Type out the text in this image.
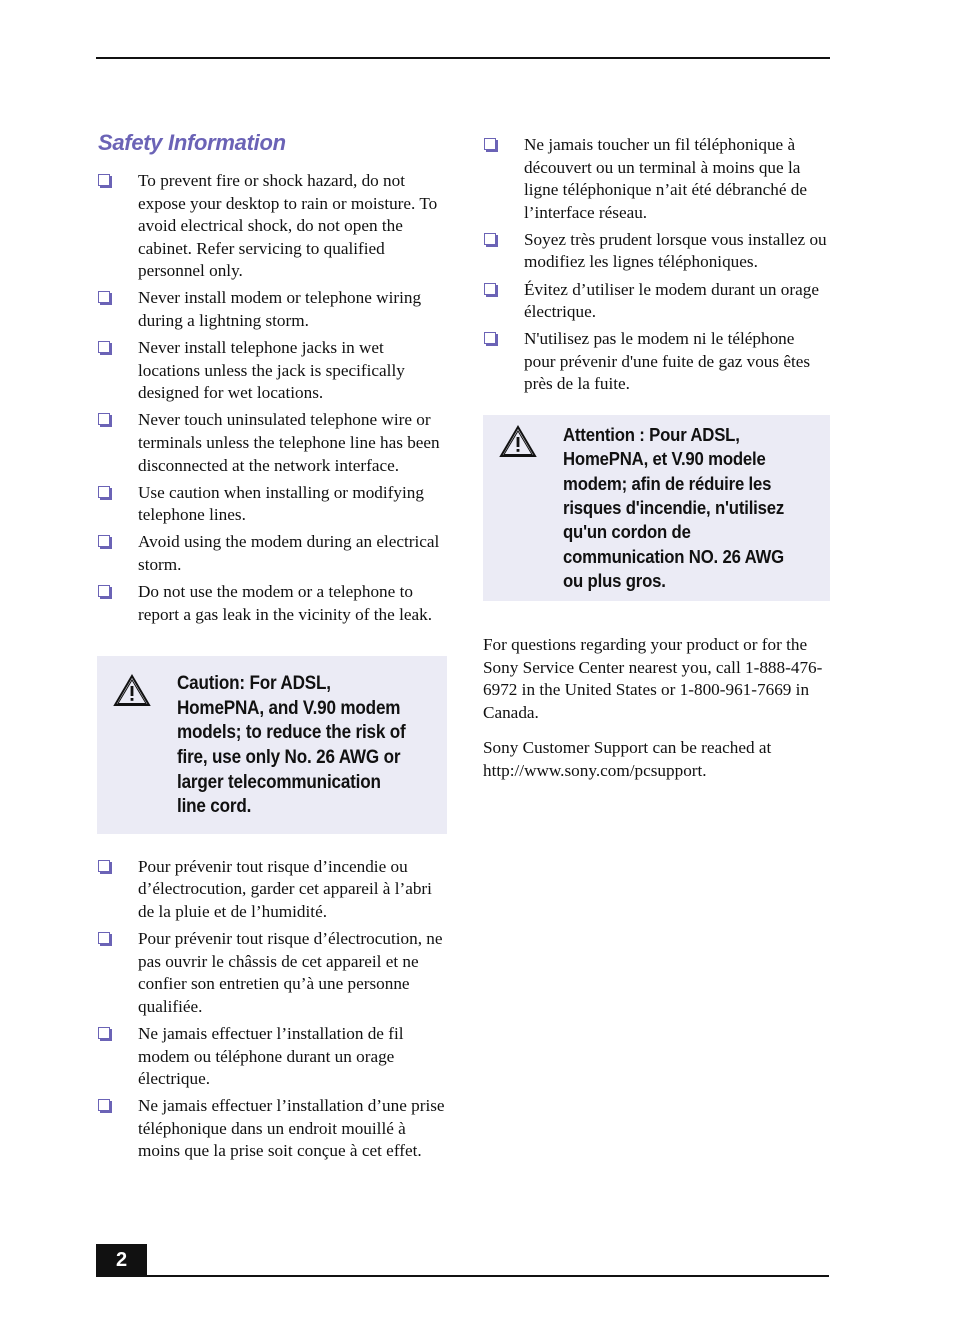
Safety Information
To prevent fire or shock hazard, do not expose your desktop to rain or moisture. To avoid electrical shock, do not open the cabinet. Refer servicing to qualified personnel only.
Never install modem or telephone wiring during a lightning storm.
Never install telephone jacks in wet locations unless the jack is specifically designed for wet locations.
Never touch uninsulated telephone wire or terminals unless the telephone line has been disconnected at the network interface.
Use caution when installing or modifying telephone lines.
Avoid using the modem during an electrical storm.
Do not use the modem or a telephone to report a gas leak in the vicinity of the leak.
Caution: For ADSL, HomePNA, and V.90 modem models; to reduce the risk of fire, use only No. 26 AWG or larger telecommunication line cord.
Pour prévenir tout risque d’incendie ou d’électrocution, garder cet appareil à l’abri de la pluie et de l’humidité.
Pour prévenir tout risque d’électrocution, ne pas ouvrir le châssis de cet appareil et ne confier son entretien qu’à une personne qualifiée.
Ne jamais effectuer l’installation de fil modem ou téléphone durant un orage électrique.
Ne jamais effectuer l’installation d’une prise téléphonique dans un endroit mouillé à moins que la prise soit conçue à cet effet.
Ne jamais toucher un fil téléphonique à découvert ou un terminal à moins que la ligne téléphonique n’ait été débranché de l’interface réseau.
Soyez très prudent lorsque vous installez ou modifiez les lignes téléphoniques.
Évitez d’utiliser le modem durant un orage électrique.
N'utilisez pas le modem ni le téléphone pour prévenir d'une fuite de gaz vous êtes près de la fuite.
Attention : Pour ADSL, HomePNA, et V.90 modele modem; afin de réduire les risques d'incendie, n'utilisez qu'un cordon de communication NO. 26 AWG ou plus gros.

For questions regarding your product or for the Sony Service Center nearest you, call 1-888-476-6972 in the United States or 1-800-961-7669 in Canada.

Sony Customer Support can be reached at http://www.sony.com/pcsupport.

2
